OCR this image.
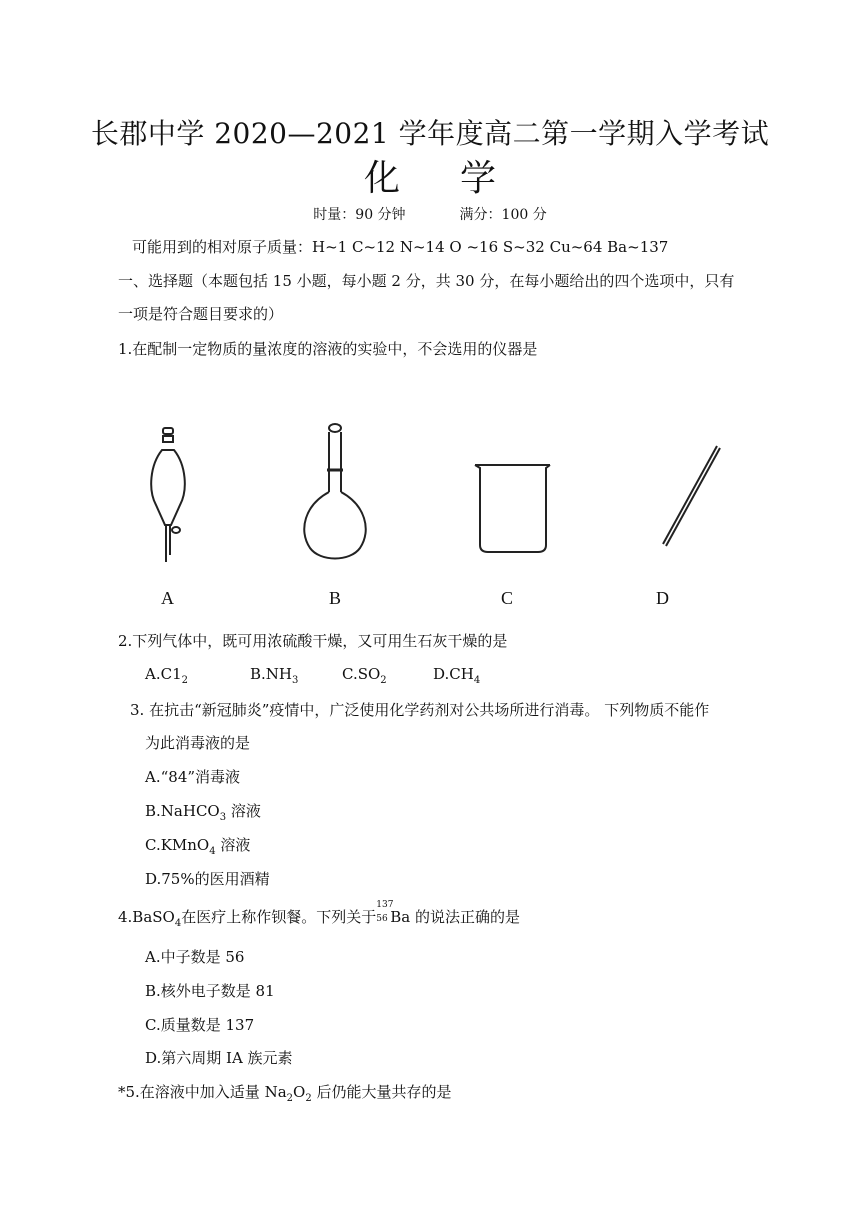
长郡中学 2020—2021 学年度高二第一学期入学考试
化学
时量：90 分钟	满分：100 分
可能用到的相对原子质量：H~1 C~12 N~14 O ~16 S~32 Cu~64 Ba~137
一、选择题（本题包括 15 小题，每小题 2 分，共 30 分，在每小题给出的四个选项中，只有
一项是符合题目要求的）
1.在配制一定物质的量浓度的溶液的实验中，不会选用的仪器是
A	B	C	D
2.下列气体中，既可用浓硫酸干燥，又可用生石灰干燥的是
$A.C1_2$	$B.NH_3$	$C.SO_2$	$D.CH_4$
3. 在抗击“新冠肺炎”疫情中，广泛使用化学药剂对公共场所进行消毒。 下列物质不能作
为此消毒液的是
A.“84”消毒液
B.NaHCO$_3$ 溶液
C.KMnO$_4$ 溶液
D.75%的医用酒精
4.BaSO$_4$在医疗上称作钡餐。下列关于
137
56 Ba 的说法正确的是
A.中子数是 56
B.核外电子数是 81
C.质量数是 137
D.第六周期 IA 族元素
*5.在溶液中加入适量 $Na_2O_2$ 后仍能大量共存的是
